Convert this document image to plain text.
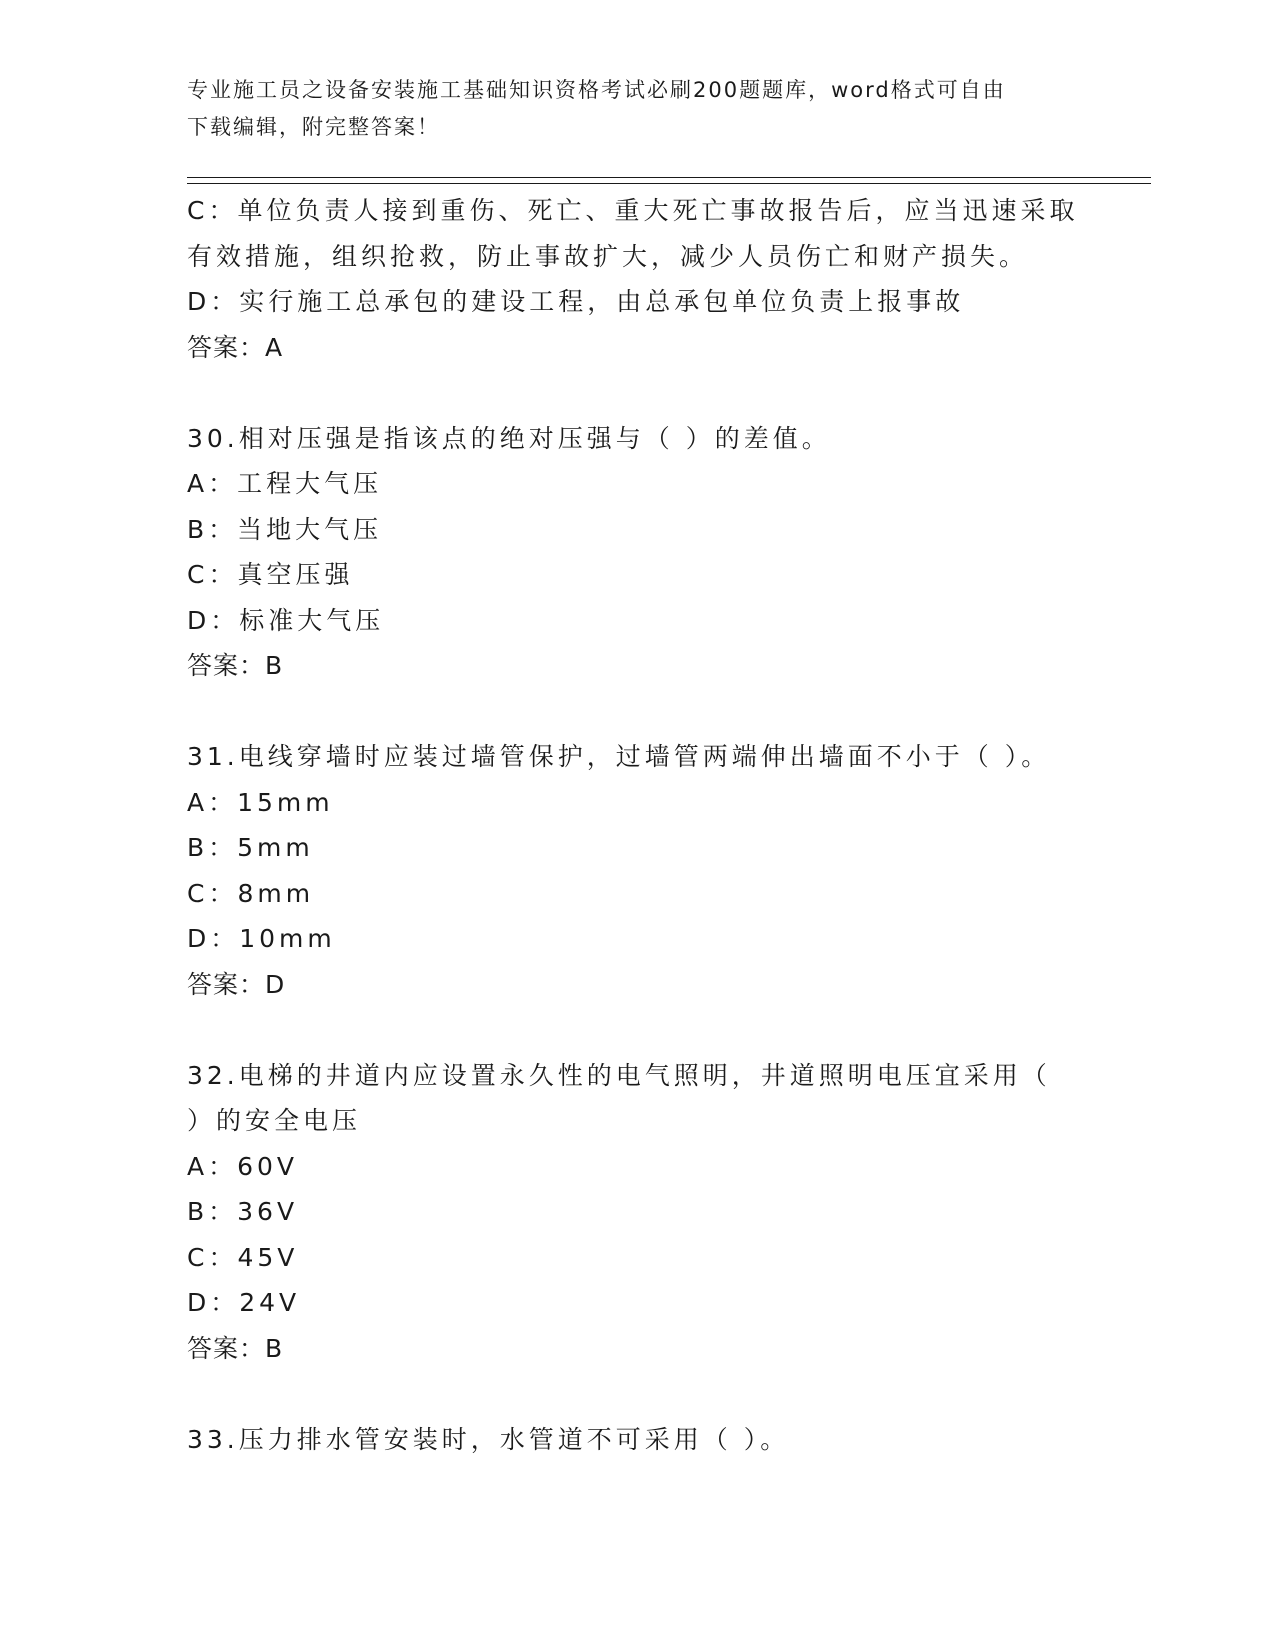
专业施工员之设备安装施工基础知识资格考试必刷200题题库，word格式可自由
下载编辑，附完整答案！
C：单位负责人接到重伤、死亡、重大死亡事故报告后，应当迅速采取
有效措施，组织抢救，防止事故扩大，减少人员伤亡和财产损失。
D：实行施工总承包的建设工程，由总承包单位负责上报事故
答案：A
30.相对压强是指该点的绝对压强与（ ）的差值。
A：工程大气压
B：当地大气压
C：真空压强
D：标准大气压
答案：B
31.电线穿墙时应装过墙管保护，过墙管两端伸出墙面不小于（ ）。
A：15mm
B：5mm
C：8mm
D：10mm
答案：D
32.电梯的井道内应设置永久性的电气照明，井道照明电压宜采用（
）的安全电压
A：60V
B：36V
C：45V
D：24V
答案：B
33.压力排水管安装时，水管道不可采用（ ）。
